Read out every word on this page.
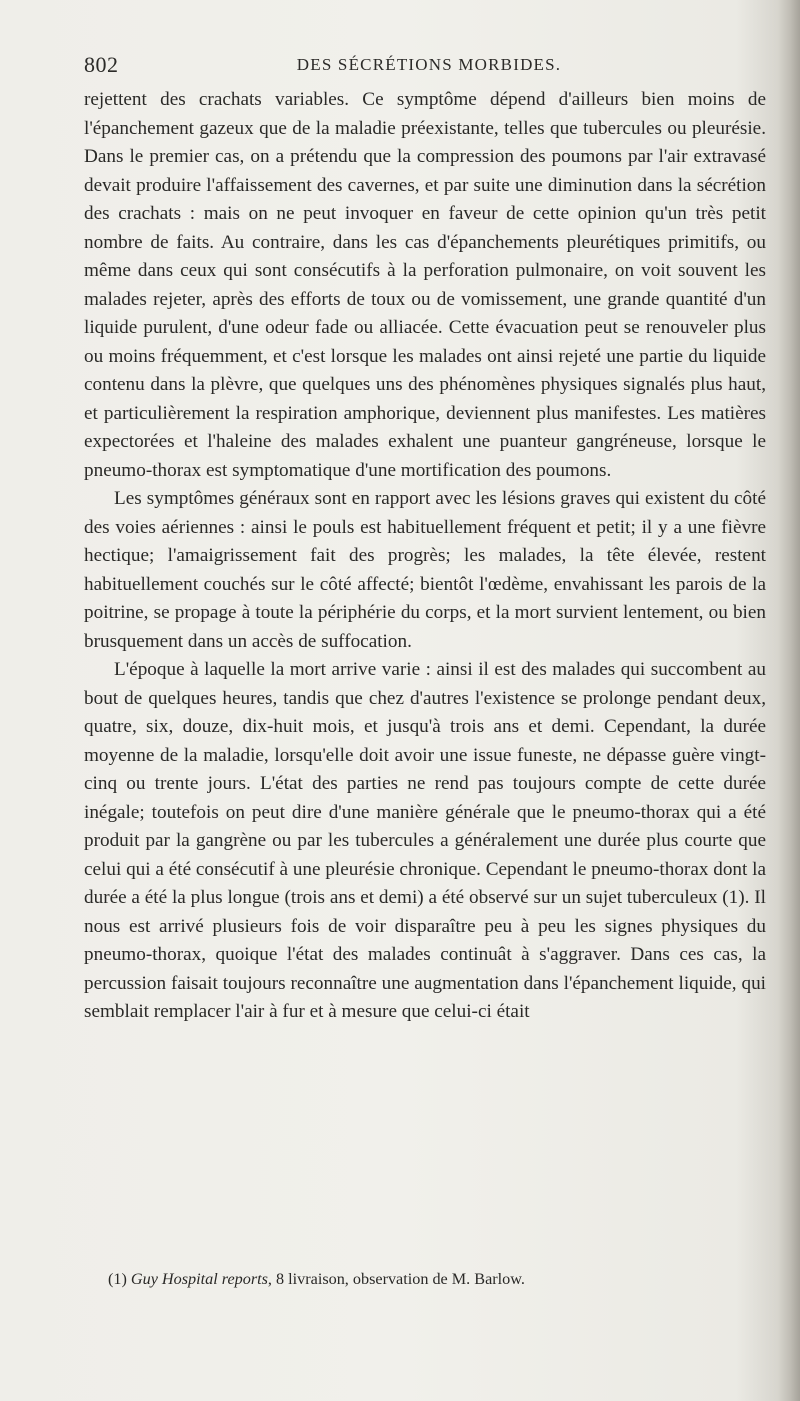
802	DES SÉCRÉTIONS MORBIDES.

rejettent des crachats variables. Ce symptôme dépend d'ailleurs bien moins de l'épanchement gazeux que de la maladie préexistante, telles que tubercules ou pleurésie. Dans le premier cas, on a prétendu que la compression des poumons par l'air extravasé devait produire l'affaissement des cavernes, et par suite une diminution dans la sécrétion des crachats : mais on ne peut invoquer en faveur de cette opinion qu'un très petit nombre de faits. Au contraire, dans les cas d'épanchements pleurétiques primitifs, ou même dans ceux qui sont consécutifs à la perforation pulmonaire, on voit souvent les malades rejeter, après des efforts de toux ou de vomissement, une grande quantité d'un liquide purulent, d'une odeur fade ou alliacée. Cette évacuation peut se renouveler plus ou moins fréquemment, et c'est lorsque les malades ont ainsi rejeté une partie du liquide contenu dans la plèvre, que quelques uns des phénomènes physiques signalés plus haut, et particulièrement la respiration amphorique, deviennent plus manifestes. Les matières expectorées et l'haleine des malades exhalent une puanteur gangréneuse, lorsque le pneumo-thorax est symptomatique d'une mortification des poumons.

Les symptômes généraux sont en rapport avec les lésions graves qui existent du côté des voies aériennes : ainsi le pouls est habituellement fréquent et petit; il y a une fièvre hectique; l'amaigrissement fait des progrès; les malades, la tête élevée, restent habituellement couchés sur le côté affecté; bientôt l'œdème, envahissant les parois de la poitrine, se propage à toute la périphérie du corps, et la mort survient lentement, ou bien brusquement dans un accès de suffocation.

L'époque à laquelle la mort arrive varie : ainsi il est des malades qui succombent au bout de quelques heures, tandis que chez d'autres l'existence se prolonge pendant deux, quatre, six, douze, dix-huit mois, et jusqu'à trois ans et demi. Cependant, la durée moyenne de la maladie, lorsqu'elle doit avoir une issue funeste, ne dépasse guère vingt-cinq ou trente jours. L'état des parties ne rend pas toujours compte de cette durée inégale; toutefois on peut dire d'une manière générale que le pneumo-thorax qui a été produit par la gangrène ou par les tubercules a généralement une durée plus courte que celui qui a été consécutif à une pleurésie chronique. Cependant le pneumo-thorax dont la durée a été la plus longue (trois ans et demi) a été observé sur un sujet tuberculeux (1). Il nous est arrivé plusieurs fois de voir disparaître peu à peu les signes physiques du pneumo-thorax, quoique l'état des malades continuât à s'aggraver. Dans ces cas, la percussion faisait toujours reconnaître une augmentation dans l'épanchement liquide, qui semblait remplacer l'air à fur et à mesure que celui-ci était

(1) Guy Hospital reports, 8 livraison, observation de M. Barlow.
